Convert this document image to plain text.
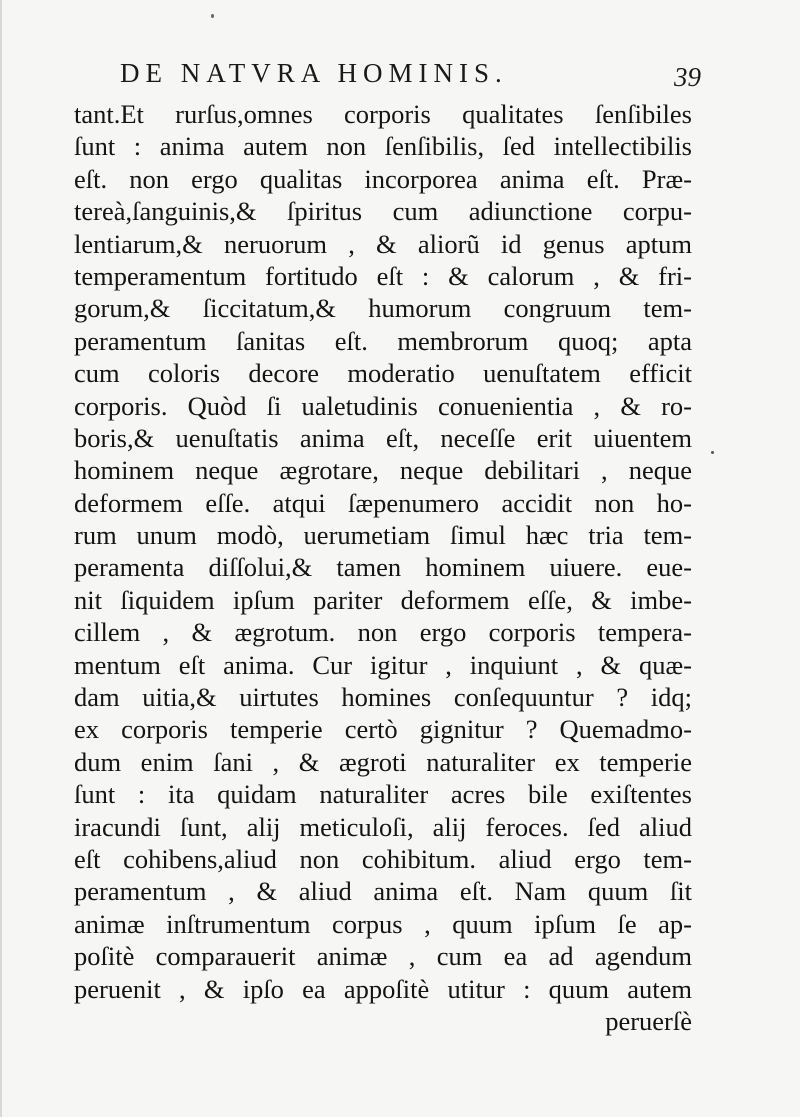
DE NATVRA HOMINIS.	39
tant.Et rurſus,omnes corporis qualitates ſenſibiles
ſunt : anima autem non ſenſibilis, ſed intellectibilis
eſt. non ergo qualitas incorporea anima eſt. Præ-
tereà,ſanguinis,& ſpiritus cum adiunctione corpu-
lentiarum,& neruorum , & aliorũ id genus aptum
temperamentum fortitudo eſt : & calorum , & fri-
gorum,& ſiccitatum,& humorum congruum tem-
peramentum ſanitas eſt. membrorum quoq; apta
cum coloris decore moderatio uenuſtatem efficit
corporis. Quòd ſi ualetudinis conuenientia , & ro-
boris,& uenuſtatis anima eſt, neceſſe erit uiuentem
hominem neque ægrotare, neque debilitari , neque
deformem eſſe. atqui ſæpenumero accidit non ho-
rum unum modò, uerumetiam ſimul hæc tria tem-
peramenta diſſolui,& tamen hominem uiuere. eue-
nit ſiquidem ipſum pariter deformem eſſe, & imbe-
cillem , & ægrotum. non ergo corporis tempera-
mentum eſt anima. Cur igitur , inquiunt , & quæ-
dam uitia,& uirtutes homines conſequuntur ? idq;
ex corporis temperie certò gignitur ? Quemadmo-
dum enim ſani , & ægroti naturaliter ex temperie
ſunt : ita quidam naturaliter acres bile exiſtentes
iracundi ſunt, alij meticuloſi, alij feroces. ſed aliud
eſt cohibens,aliud non cohibitum. aliud ergo tem-
peramentum , & aliud anima eſt. Nam quum ſit
animæ inſtrumentum corpus , quum ipſum ſe ap-
poſitè comparauerit animæ , cum ea ad agendum
peruenit , & ipſo ea appoſitè utitur : quum autem
peruerſè
